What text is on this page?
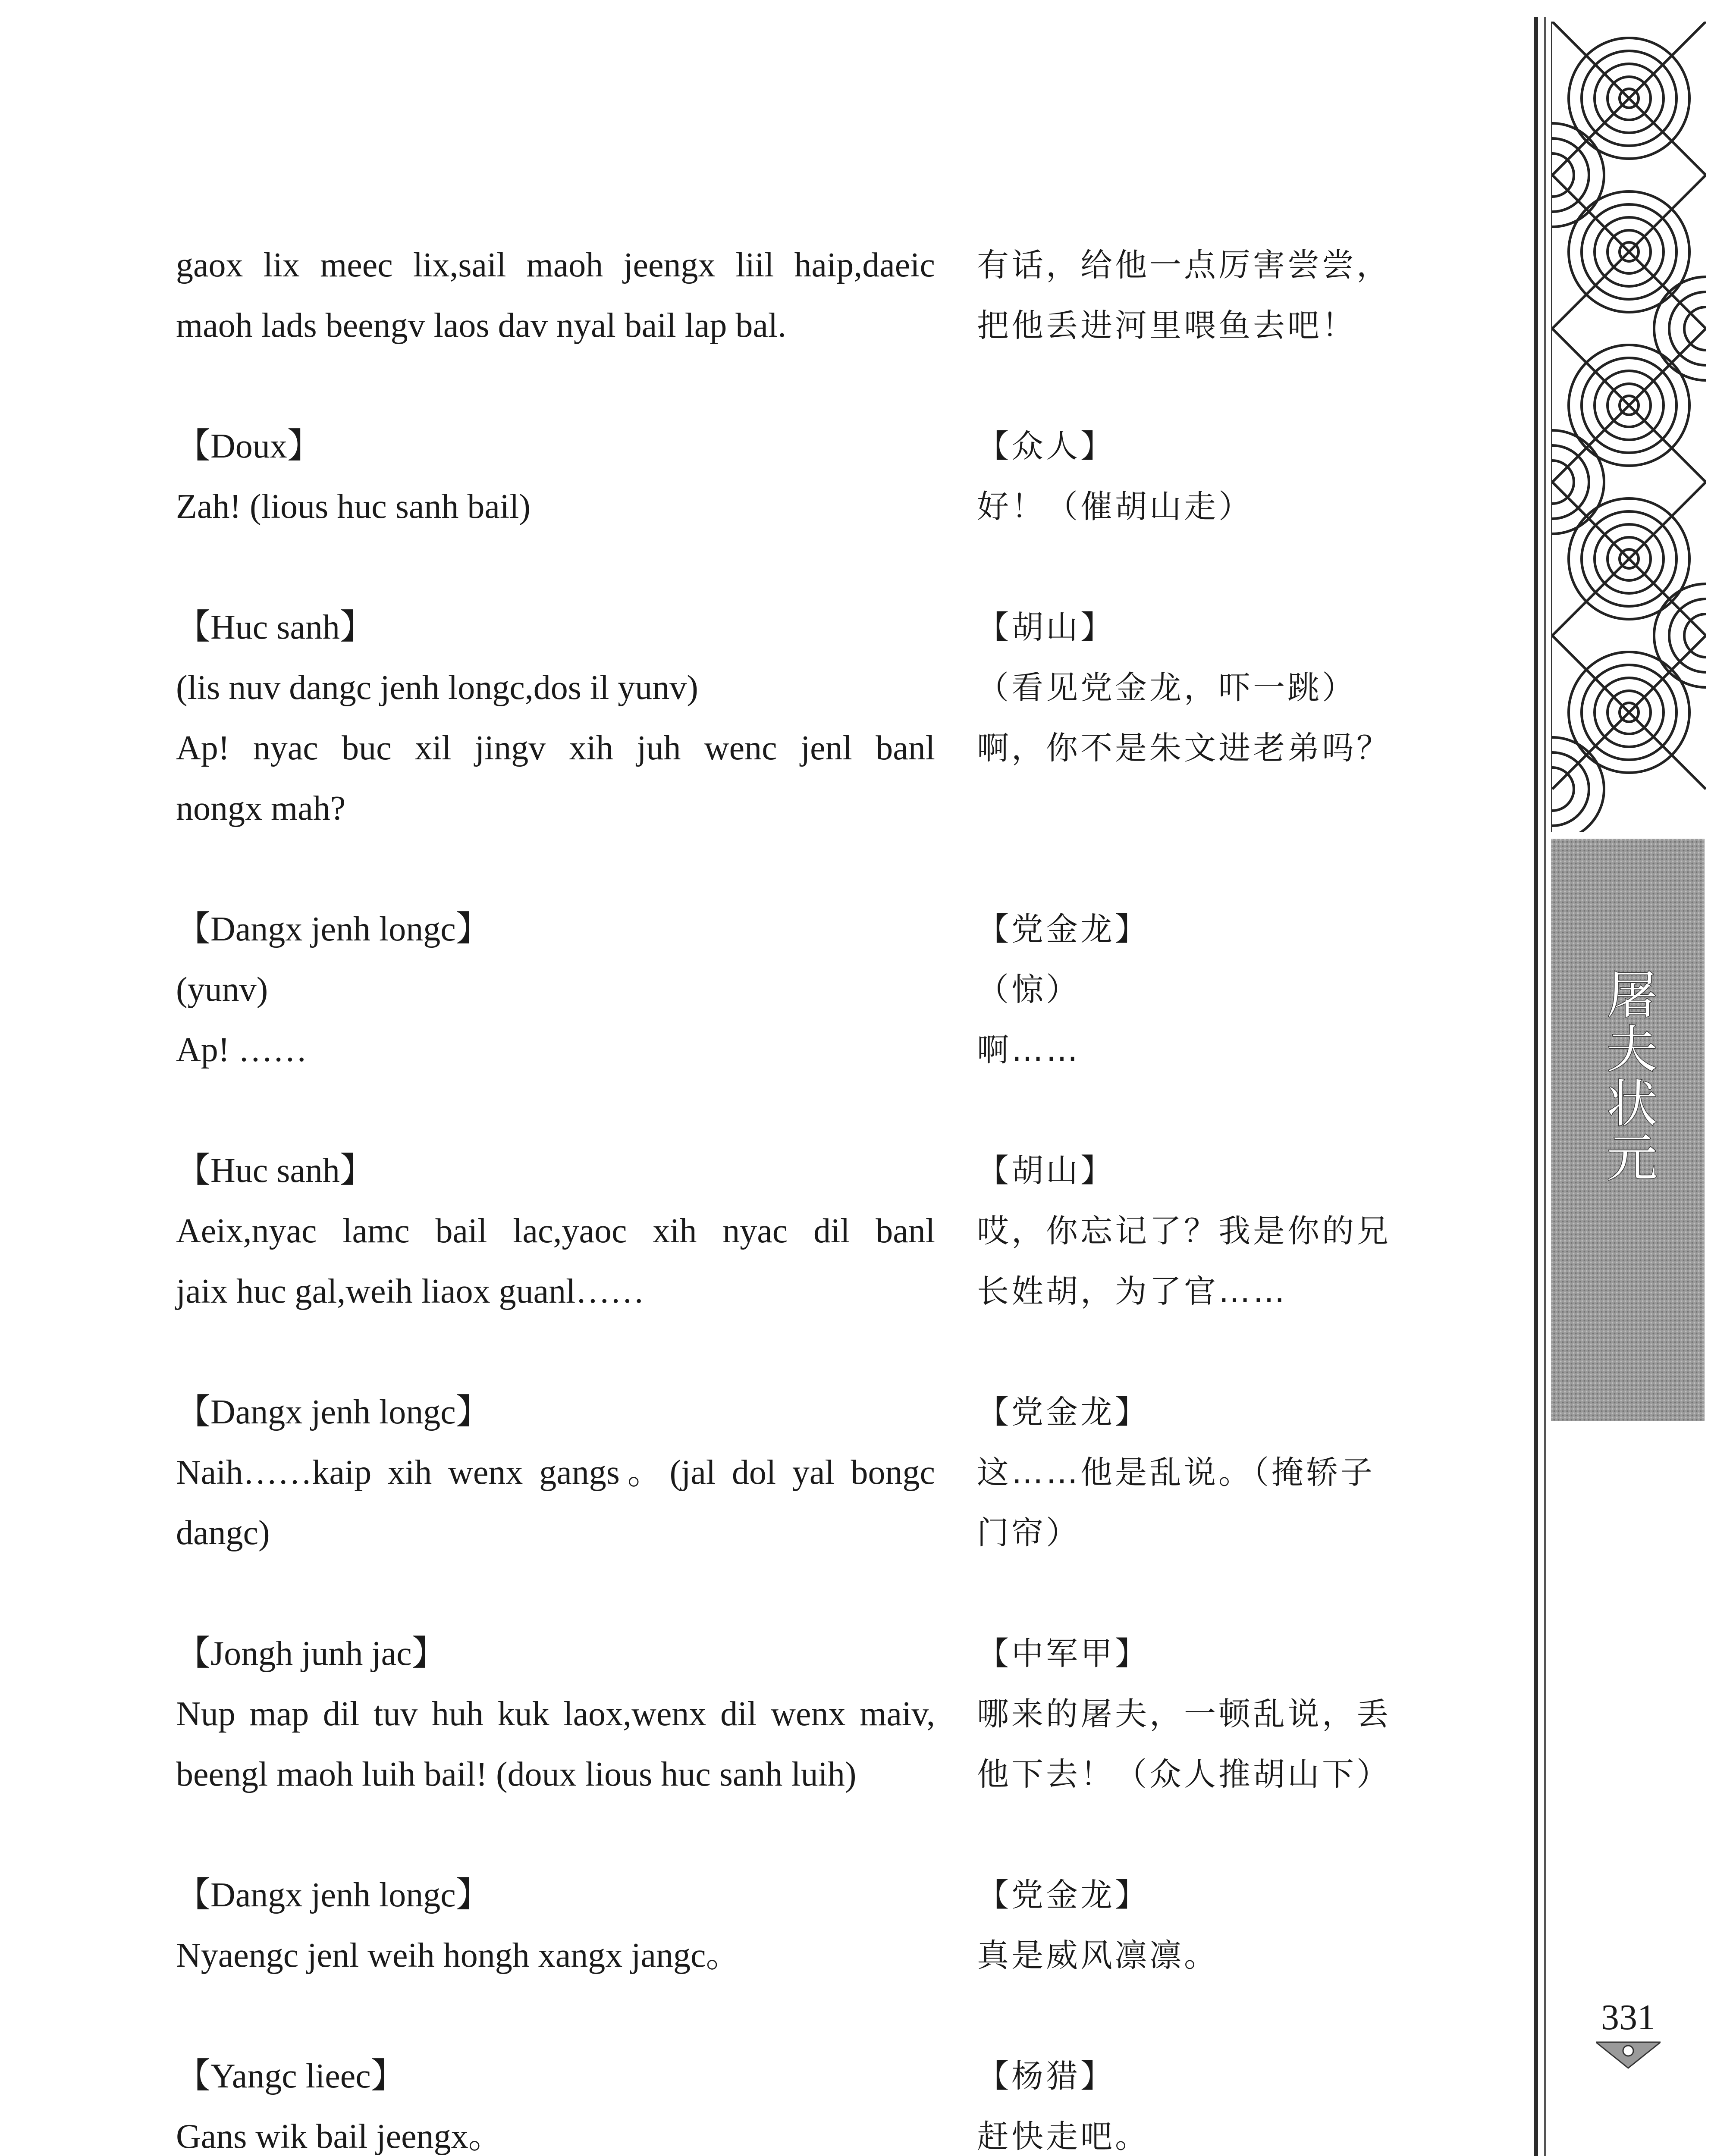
屠夫状元
331
gaox lix meec lix,sail maoh jeengx liil haip,daeic
maoh lads beengv laos dav nyal bail lap bal.
有话，给他一点厉害尝尝，
把他丢进河里喂鱼去吧！
【Doux】
Zah! (lious huc sanh bail)
【众人】
好！（催胡山走）
【Huc sanh】
(lis nuv dangc jenh longc,dos il yunv)
Ap! nyac buc xil jingv xih juh wenc jenl banl
nongx mah?
【胡山】
（看见党金龙，吓一跳）
啊，你不是朱文进老弟吗？
【Dangx jenh longc】
(yunv)
Ap! ……
【党金龙】
（惊）
啊……
【Huc sanh】
Aeix,nyac lamc bail lac,yaoc xih nyac dil banl
jaix huc gal,weih liaox guanl……
【胡山】
哎，你忘记了？我是你的兄
长姓胡，为了官……
【Dangx jenh longc】
Naih……kaip xih wenx gangs。(jal dol yal bongc
dangc)
【党金龙】
这……他是乱说。（掩轿子
门帘）
【Jongh junh jac】
Nup map dil tuv huh kuk laox,wenx dil wenx maiv,
beengl maoh luih bail! (doux lious huc sanh luih)
【中军甲】
哪来的屠夫，一顿乱说，丢
他下去！（众人推胡山下）
【Dangx jenh longc】
Nyaengc jenl weih hongh xangx jangc。
【党金龙】
真是威风凛凛。
【Yangc lieec】
Gans wik bail jeengx。
【杨猎】
赶快走吧。
